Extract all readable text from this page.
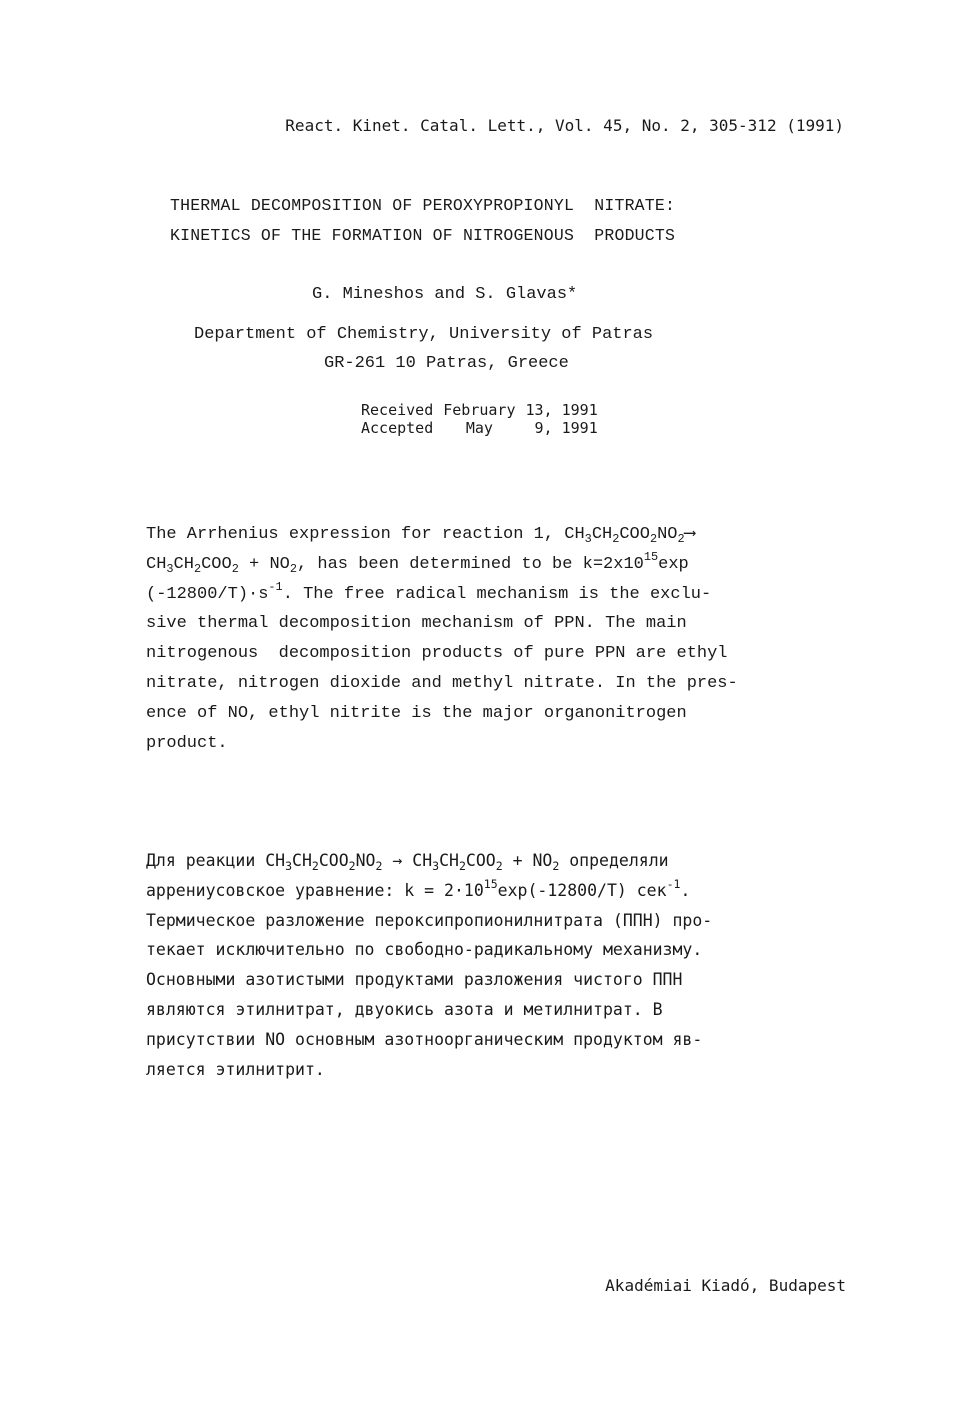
React. Kinet. Catal. Lett., Vol. 45, No. 2, 305-312 (1991)
THERMAL DECOMPOSITION OF PEROXYPROPIONYL  NITRATE:
KINETICS OF THE FORMATION OF NITROGENOUS  PRODUCTS
G. Mineshos and S. Glavas*
Department of Chemistry, University of Patras
GR-261 10 Patras, Greece
Received	February	13, 1991
Accepted	May	9, 1991
The Arrhenius expression for reaction 1, $CH_3CH_2COO_2NO_2⟶$
$CH_3CH_2COO_2 + NO_2$, has been determined to be $k=2x10^{15}\exp$
$(-12800/T)\cdot s^{-1}$. The free radical mechanism is the exclu-
sive thermal decomposition mechanism of PPN. The main
nitrogenous  decomposition products of pure PPN are ethyl
nitrate, nitrogen dioxide and methyl nitrate. In the pres-
ence of NO, ethyl nitrite is the major organonitrogen
product.
Для реакции $CH_3CH_2COO_2NO_2 \to CH_3CH_2COO_2 + NO_2$ определяли
аррениусовское уравнение: $k = 2\cdot 10^{15}\exp(-12800/T)$ сек$^{-1}$.
Термическое разложение пероксипропионилнитрата (ППН) про-
текает исключительно по свободно-радикальному механизму.
Основными азотистыми продуктами разложения чистого ППН
являются этилнитрат, двуокись азота и метилнитрат. В
присутствии NO основным азотноорганическим продуктом яв-
ляется этилнитрит.
Akadémiai Kiadó, Budapest
